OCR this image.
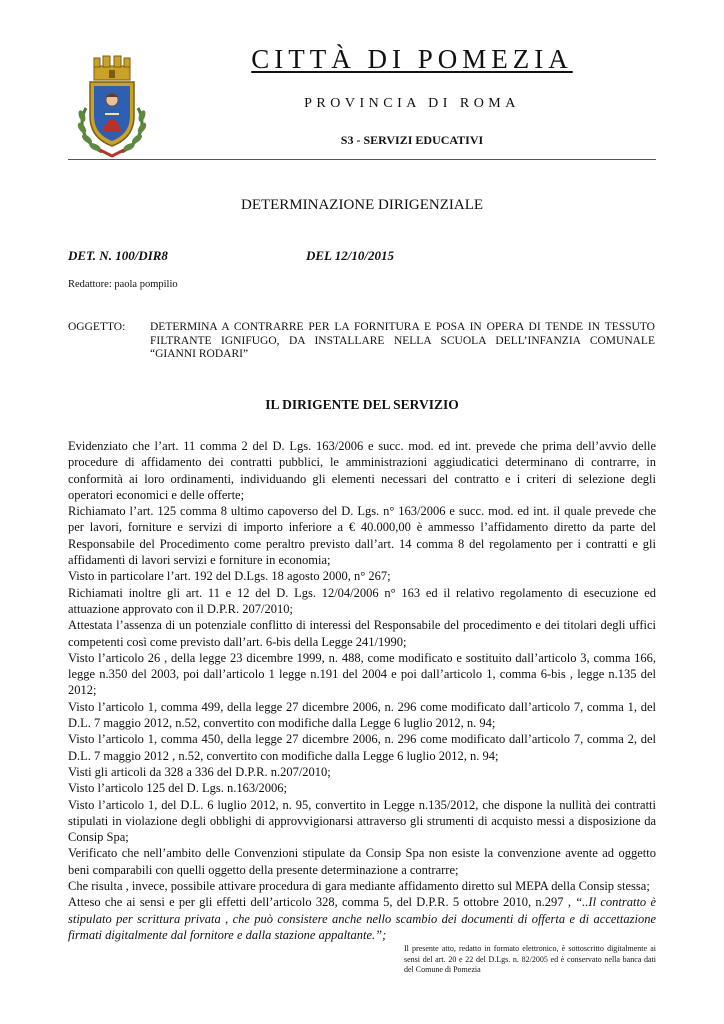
CITTÀ DI POMEZIA
PROVINCIA DI ROMA
S3 - SERVIZI EDUCATIVI
DETERMINAZIONE DIRIGENZIALE
DET. N. 100/DIR8	DEL 12/10/2015
Redattore: paola pompilio
OGGETTO: DETERMINA A CONTRARRE PER LA FORNITURA E POSA IN OPERA DI TENDE IN TESSUTO FILTRANTE IGNIFUGO, DA INSTALLARE NELLA SCUOLA DELL’INFANZIA COMUNALE “GIANNI RODARI”
IL DIRIGENTE DEL SERVIZIO

Evidenziato che l’art. 11 comma 2 del D. Lgs. 163/2006 e succ. mod. ed int. prevede che prima dell’avvio delle procedure di affidamento dei contratti pubblici, le amministrazioni aggiudicatici determinano di contrarre, in conformità ai loro ordinamenti, individuando gli elementi necessari del contratto e i criteri di selezione degli operatori economici e delle offerte;

Richiamato l’art. 125 comma 8 ultimo capoverso del D. Lgs. n° 163/2006 e succ. mod. ed int. il quale prevede che per lavori, forniture e servizi di importo inferiore a € 40.000,00 è ammesso l’affidamento diretto da parte del Responsabile del Procedimento come peraltro previsto dall’art. 14 comma 8 del regolamento per i contratti e gli affidamenti di lavori servizi e forniture in economia;

Visto in particolare l’art. 192 del D.Lgs. 18 agosto 2000, n° 267;

Richiamati inoltre gli art. 11 e 12 del D. Lgs. 12/04/2006 n° 163 ed il relativo regolamento di esecuzione ed attuazione approvato con il D.P.R. 207/2010;

Attestata l’assenza di un potenziale conflitto di interessi del Responsabile del procedimento e dei titolari degli uffici competenti così come previsto dall’art. 6-bis della Legge 241/1990;

Visto l’articolo 26 , della legge 23 dicembre 1999, n. 488, come modificato e sostituito dall’articolo 3, comma 166, legge n.350 del 2003, poi dall’articolo 1 legge n.191 del 2004 e poi dall’articolo 1, comma 6-bis , legge n.135 del 2012;

Visto l’articolo 1, comma 499, della legge 27 dicembre 2006, n. 296 come modificato dall’articolo 7, comma 1, del D.L. 7 maggio 2012, n.52, convertito con modifiche dalla Legge 6 luglio 2012, n. 94;

Visto l’articolo 1, comma 450, della legge 27 dicembre 2006, n. 296 come modificato dall’articolo 7, comma 2, del D.L. 7 maggio 2012 , n.52, convertito con modifiche dalla Legge 6 luglio 2012, n. 94;

Visti gli articoli da 328 a 336 del D.P.R. n.207/2010;

Visto l’articolo 125 del D. Lgs. n.163/2006;

Visto l’articolo 1, del D.L. 6 luglio 2012, n. 95, convertito in Legge n.135/2012, che dispone la nullità dei contratti stipulati in violazione degli obblighi di approvvigionarsi attraverso gli strumenti di acquisto messi a disposizione da Consip Spa;

Verificato che nell’ambito delle Convenzioni stipulate da Consip Spa non esiste la convenzione avente ad oggetto beni comparabili con quelli oggetto della presente determinazione a contrarre;

Che risulta , invece, possibile attivare procedura di gara mediante affidamento diretto sul MEPA della Consip stessa;

Atteso che ai sensi e per gli effetti dell’articolo 328, comma 5, del D.P.R. 5 ottobre 2010, n.297 , “..Il contratto è stipulato per scrittura privata , che può consistere anche nello scambio dei documenti di offerta e di accettazione firmati digitalmente dal fornitore e dalla stazione appaltante.”;

Il presente atto, redatto in formato elettronico, è sottoscritto digitalmente ai sensi del art. 20 e 22 del D.Lgs. n. 82/2005 ed è conservato nella banca dati del Comune di Pomezia
